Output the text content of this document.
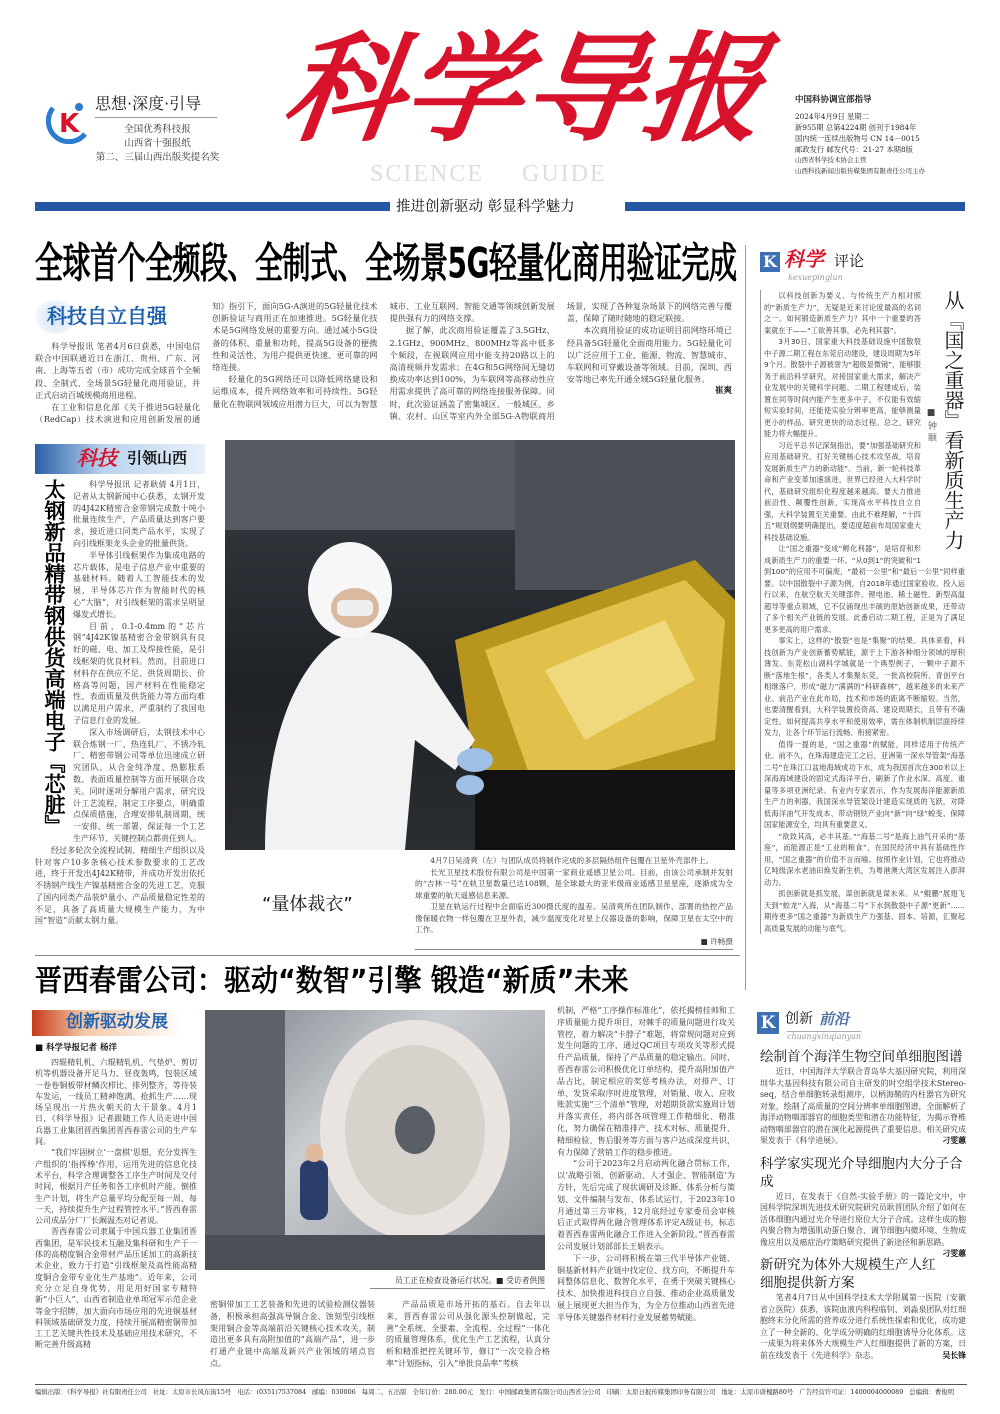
K
思想·深度·引导
全国优秀科技报
山西省十强报纸
第二、三届山西出版奖提名奖 科学导报
SCIENCE GUIDE
中国科协调宣部指导
2024年4月9日 星期二
新955期 总第4224期 创刊于1984年
国内统一连续出版物号 CN 14－0015
邮政发行 邮发代号：21-27 本期8版
山西省科学技术协会主管
山西科技新闻出版传媒集团有限责任公司主办
推进创新驱动 彰显科学魅力
全球首个全频段、全制式、全场景5G轻量化商用验证完成
科技自立自强

科学导报讯 笔者4月6日获悉，中国电信联合中国联通近日在浙江、贵州、广东、河南、上海等五省（市）成功完成全球首个全频段、全制式、全场景5G轻量化商用验证，并正式启动百城规模商用进程。

在工业和信息化部《关于推进5G轻量化（RedCap）技术演进和应用创新发展的通知》指引下，面向5G-A演进的5G轻量化技术创新验证与商用正在加速推进。5G轻量化技术是5G网络发展的重要方向。通过减小5G设备的体积、重量和功耗，提高5G设备的便携性和灵活性，为用户提供更快速、更可靠的网络连接。

轻量化的5G网络还可以降低网络建设和运维成本，提升网络效率和可持续性。5G轻量化在物联网领域应用潜力巨大，可以为智慧城市、工业互联网、智能交通等领域创新发展提供强有力的网络支撑。

据了解，此次商用验证覆盖了3.5GHz、2.1GHz、900MHz、800MHz等高中低多个频段，在视联网应用中能支持20路以上的高清视频并发需求；在4G和5G网络间无缝切换成功率达到100%，为车联网等高移动性应用需求提供了高可靠的网络连接服务保障。同时，此次验证涵盖了密集城区、一般城区、乡镇、农村、山区等室内外全部5G-A物联商用场景，实现了各种复杂场景下的网络完善与覆盖，保障了随时随地的稳定联接。

本次商用验证的成功证明目前网络环境已经具备5G轻量化全面商用能力。5G轻量化可以广泛应用于工业、能源、物流、智慧城市、车联网和可穿戴设备等领域。目前，深圳、西安等地已率先开通全域5G轻量化服务。

崔爽
科技 引领山西
太钢新品精带钢供货高端电子『芯脏』	科学导报讯 记者耿倩 4月1日，记者从太钢新闻中心获悉，太钢开发的4J42K精密合金带钢完成数十吨小批量连续生产，产品质量达到客户要求，接近进口同类产品水平，实现了向引线框架龙头企业的批量供货。

半导体引线框架作为集成电路的芯片载体，是电子信息产业中重要的基础材料。随着人工智能技术的发展，半导体芯片作为智能时代的核心“大脑”，对引线框架的需求呈明显爆发式增长。

目前，0.1-0.4mm的“芯片钢”4J42K镍基精密合金带钢具有良好的磁、电、加工及焊接性能，是引线框架的优良材料。然而，目前进口材料存在供应不足、供货周期长、价格高等问题，国产材料在性能稳定性、表面质量及供货能力等方面均难以满足用户需求，严重制约了我国电子信息行业的发展。

深入市场调研后，太钢技术中心联合炼钢一厂、热连轧厂、不锈冷轧厂、精密带钢公司等单位迅速成立研究团队，从合金纯净度、热膨胀系数、表面质量控制等方面开展联合攻关。同时逐项分解用户需求，研究设计工艺流程，制定工序要点，明确重点保质措施，合理安排轧制周期，统一安排、统一部署，保证每一个工艺生产环节、关键控制点都责任到人。

经过多轮次全流程试制、精细生产组织以及针对客户10多条核心技术参数要求的工艺改进，终于开发出4J42K精带，并成功开发出依托不锈钢产线生产镍基精密合金的先进工艺，克服了国内同类产品装炉量小、产品质量稳定性差的不足，具备了高质量大规模生产能力，为中国“智造”贡献太钢力量。

“量体裁衣”

4月7日吴清爽（左）与团队成员将制作完成的多层隔热组件包覆在卫星外壳部件上。

长光卫星技术股份有限公司是中国第一家商业遥感卫星公司。目前，由该公司承制并发射的“吉林一号”在轨卫星数量已达108颗，是全球最大的亚米级商业遥感卫星星座，逐渐成为全球重要的航天遥感信息来源。

卫星在轨运行过程中会面临近300摄氏度的温差。吴清爽所在团队制作、部署的热控产品像保暖衣物一样包覆在卫星外表，减少温度变化对星上仪器设备的影响，保障卫星在太空中的工作。

■ 许畅摄
K 科学 评论
kexuepinglun
■ 钟 颐

以科技创新为要义、与传统生产力相对照的“新质生产力”，无疑是近来讨论度最高的名词之一。如何锻造新质生产力？其中一个重要的答案就在于——“工欲善其事，必先利其器”。

3月30日，国家重大科技基础设施中国散裂中子源二期工程在东莞启动建设，建设周期为5年9个月。散裂中子源被誉为“超级显微镜”，能够服务于前沿科学研究，对接国家重大需求，解决产业发展中的关键科学问题。二期工程建成后，装置在同等时间内能产生更多中子，不仅能有效缩短实验时间，还能使实验分辨率更高，能够测量更小的样品、研究更快的动态过程。总之，研究能力将大幅提升。

习近平总书记深刻指出，要“加强基础研究和应用基础研究，打好关键核心技术攻坚战，培育发展新质生产力的新动能”。当前，新一轮科技革命和产业变革加速演进，世界已经进入大科学时代，基础研究组织化程度越来越高。要大力推进前沿性、颠覆性创新，实现高水平科技自立自强，大科学装置至关重要。由此不难理解，“十四五”规划纲要明确提出，要适度超前布局国家重大科技基础设施。

让“国之重器”变成“孵化利器”，是培育和形成新质生产力的重要一环。“从0到1”的突破和“1到100”的应用不可偏废，“最初一公里”和“最后一公里”同样重要。以中国散裂中子源为例，自2018年通过国家验收、投入运行以来，在航空航天关键部件、锂电池、稀土磁性、新型高温超导等重点领域，它不仅涌现出丰硕的原始创新成果，还带动了多个相关产业链的发展。此番启动二期工程，正是为了满足更多更高的用户需求。

事实上，这样的“散裂”也是“集聚”的结果。具体来看，科技创新为产业创新蓄势赋能，源于上下游各种细分领域的厚积薄发。东莞松山湖科学城就是一个典型例子，一颗中子源不断“落地生根”，各类人才集聚东莞，一批高校院所、青创平台相继落户，形成“磁力”满满的“科研森林”，越来越多的未来产业、前沿产业在此布局，技术和市场的距离不断缩短。当然，也要清醒看到，大科学装置投资高、建设周期长，且带有不确定性。如何提高共享水平和使用效率，需在体制机制层面持续发力，让各个环节运行流畅、衔接紧密。

值得一提的是，“国之重器”的赋能，同样适用于传统产业。前不久，在珠海建造完工之后，亚洲第一深水导管架“海基二号”在珠江口盆地海域成功下水，成为我国首次在300米以上深海海域建设的固定式海洋平台，刷新了作业水深、高度、重量等多项亚洲纪录。有业内专家表示，作为发展海洋能源新质生产力的利器，我国深水导管架设计建造实现质的飞跃，对降低海洋油气开发成本、带动钢铁产业向“新”向“绿”蜕变、保障国家能源安全，均具有重要意义。

“欲致其高，必丰其基。”“海基二号”是海上油气开采的“基座”，而能源正是“工业的粮食”，在国民经济中具有基础性作用，“国之重器”的价值不言而喻。按照作业计划，它也将推动亿吨级深水老油田焕发新生机，为粤港澳大湾区发展注入澎湃动力。

抓创新就是抓发展，谋创新就是谋未来。从“鲲鹏”展翅飞天到“蛟龙”入海，从“海基二号”下水到散裂中子源“更新”……期待更多“国之重器”为新质生产力强基、固本、培源，汇聚起高质量发展的动能与底气。

从『国之重器』看新质生产力
晋西春雷公司：驱动“数智”引擎 锻造“新质”未来
创新驱动发展
■ 科学导报记者 杨洋

四辊精轧机、六辊精轧机、气垫炉、剪切机等机器设备开足马力、昼夜轰鸣，包装区域一卷卷铜板带材鳞次栉比、排列整齐，等待装车发运，一线员工精神饱满、抢抓生产……现场呈现出一片热火朝天的大干景象。4月1日，《科学导报》记者跟随工作人员走进中国兵器工业集团晋西集团晋西春雷公司的生产车间。

“我们牢固树立‘一盘棋’思想，充分发挥生产组织的‘指挥棒’作用，运用先进的信息化技术平台，科学合理调整各工序生产时间及交付时间，根据月产任务和各工序机时产能，倒推生产计划，将生产总量平均分配至每一周、每一天，持续提升生产过程管控水平。”晋西春雷公司成品分厂厂长阚温杰对记者说。

晋西春雷公司隶属于中国兵器工业集团晋西集团，是军民技术互融及集科研和生产于一体的高精度铜合金带材产品压延加工的高新技术企业，致力于打造“引线框架及高性能高精度铜合金带专业化生产基地”。近年来，公司充分立足自身优势，用足用好国家专精特新“小巨人”、山西省制造业单项冠军示范企业等金字招牌，加大面向市场应用的先进铜基材料领域基础研发力度，持续开展高精密铜带加工工艺关键共性技术及基础应用技术研究，不断完善升级高精

员工正在检查设备运行状况。■ 受访者供图

密铜带加工工艺装备和先进的试验检测仪器装备，积极承担高强高导铜合金、蚀刻型引线框架用铜合金等高端前沿关键核心技术攻关，制造出更多具有高附加值的“高端产品”，进一步打通产业链中高端及新兴产业领域的堵点盲点。

产品品质是市场开拓的基石。自去年以来，晋西春雷公司从强化源头控制做起，完善“全系统、全要素、全流程、全过程”一体化的质量管理体系，优化生产工艺流程，认真分析和精准把控关键环节，修订“一次交验合格率”计划指标，引入“单批良品率”考核

机制，严格“工序操作标准化”，依托揭榜挂帅和工序质量能力提升项目，对棘手的质量问题进行攻关管控，着力解决“卡脖子”难题，将常规问题对应到发生问题的工序，通过QC项目专项攻关等形式提升产品质量，保持了产品质量的稳定输出。同时，晋西春雷公司积极优化订单结构，提升高附加值产品占比，制定相应的奖惩考核办法，对排产、订单、发货采取序时进度管理，对销量、收入、应收账款实施“三个清单”管理，对超期货款实施周计划并落实责任，将内部各项管理工作精细化、精准化，努力确保在精准排产、技术对标、质量提升、精细检验、售后服务等方面与客户达成深度共识，有力保障了营销工作的稳步推进。

“公司于2023年2月启动两化融合贯标工作，以‘战略引领、创新驱动、人才强企、智能制造’为方针，先后完成了现状调研及诊断、体系分析与策划、文件编制与发布、体系试运行，于2023年10月通过第三方审核，12月底经过专家委员会审核后正式取得两化融合管理体系评定A级证书，标志着晋西春雷两化融合工作进入全新阶段。”晋西春雷公司发展计划部部长王娟表示。

下一步，公司将积极在第三代半导体产业链、铜基新材料产业链中找定位、找方向，不断提升车间整体信息化、数智化水平，在勇于突破关键核心技术、加快推进科技自立自强、推动企业高质量发展上展现更大担当作为，为全方位推动山西省先进半导体关键器件材料行业发展蓄势赋能。

K 创新 前沿
chuangxinqianyan
绘制首个海洋生物空间单细胞图谱

近日，中国海洋大学联合青岛华大基因研究院，利用深圳华大基因科技有限公司自主研发的时空组学技术Stereo-seq，结合单细胞转录组测序，以柄海鞘的内柱器官为研究对象，绘制了高质量的空间分辨率单细胞图谱，全面解析了海洋动物咽部器官的细胞类型和潜在功能特征，为揭示脊椎动物咽部器官的潜在演化起源提供了重要信息。相关研究成果发表于《科学进展》。	刁雯蕙

科学家实现光介导细胞内大分子合成

近日，在发表于《自然-实验手册》的一篇论文中，中国科学院深圳先进技术研究院研究员耿晋团队介绍了如何在活体细胞内通过光介导进行原位大分子合成。这样生成的胞内聚合物为增强肌动蛋白聚合、调节细胞内微环境、生物成像应用以及癌症治疗策略研究提供了新途径和新思路。
刁雯蕙

新研究为体外大规模生产人红细胞提供新方案

笔者4月7日从中国科学技术大学附属第一医院（安徽省立医院）获悉，该院血液内科程临钊、刘淼泉团队对红细胞终末分化所需的营养成分进行系统性探索和优化，成功建立了一种全新的、化学成分明确的红细胞诱导分化体系。这一成果为将来体外大规模生产人红细胞提供了新的方案，日前在线发表于《先进科学》杂志。	吴长锋

编辑出版：《科学导报》社有限责任公司 社址：太原市长风东街15号 电话：(0351)7537084 邮编：030006 每周二、五出版 全年订价：280.00元 发行：中国邮政集团有限公司山西省分公司 印刷：太原日报传媒集团印务有限公司 地址：太原市唐槐路80号 广告经营许可证：1400004000089 总编辑：曹俊明
